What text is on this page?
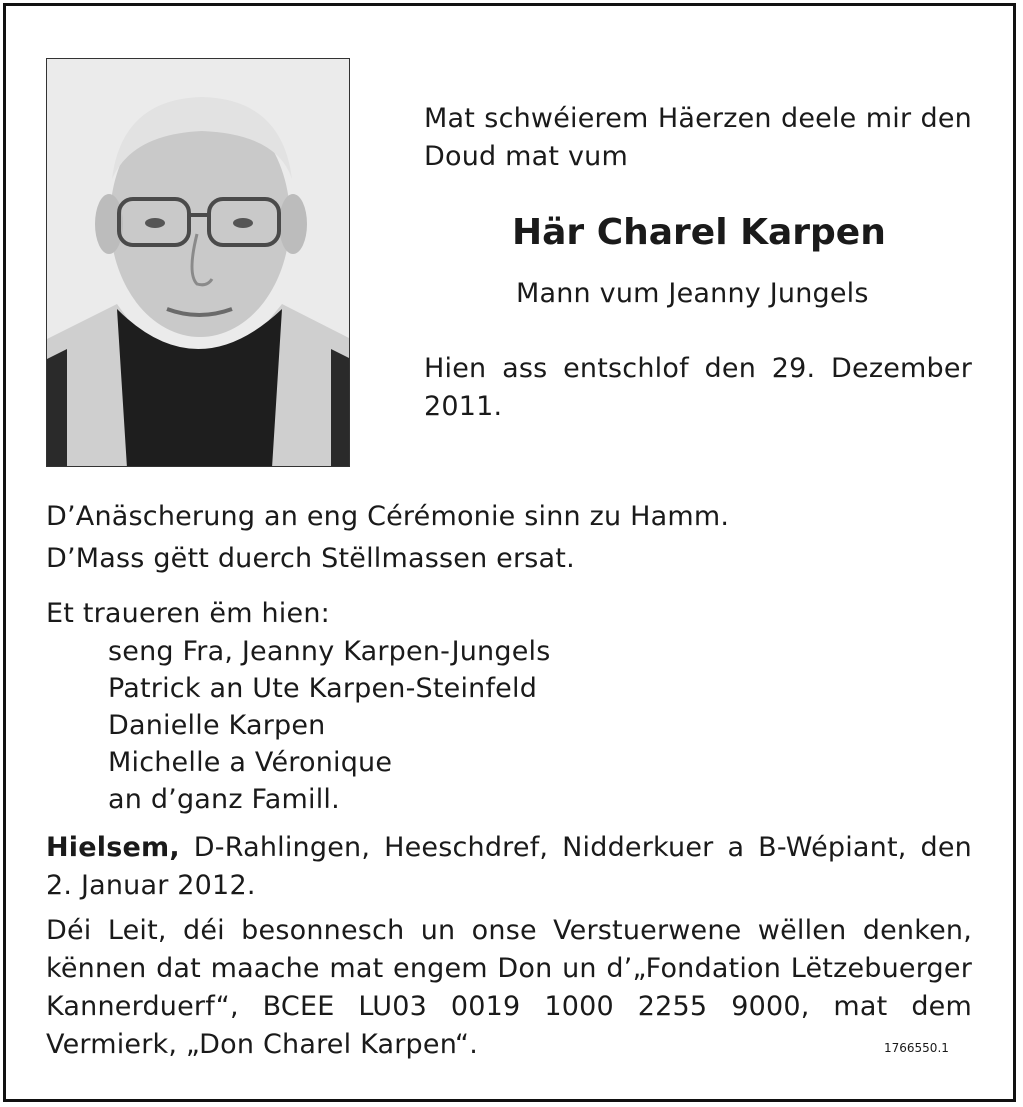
Mat schwéierem Häerzen deele mir den Doud mat vum
Här Charel Karpen
Mann vum Jeanny Jungels
Hien ass entschlof den 29. Dezember 2011.
D’Anäscherung an eng Cérémonie sinn zu Hamm.
D’Mass gëtt duerch Stëllmassen ersat.
Et traueren ëm hien:
seng Fra, Jeanny Karpen-Jungels
Patrick an Ute Karpen-Steinfeld
Danielle Karpen
Michelle a Véronique
an d’ganz Famill.
Hielsem, D-Rahlingen, Heeschdref, Nidderkuer a B-Wépiant, den 2. Januar 2012.
Déi Leit, déi besonnesch un onse Verstuerwene wëllen denken, kënnen dat maache mat engem Don un d’„Fondation Lëtzebuerger Kannerduerf“, BCEE LU03 0019 1000 2255 9000, mat dem Vermierk, „Don Charel Karpen“.	1766550.1
